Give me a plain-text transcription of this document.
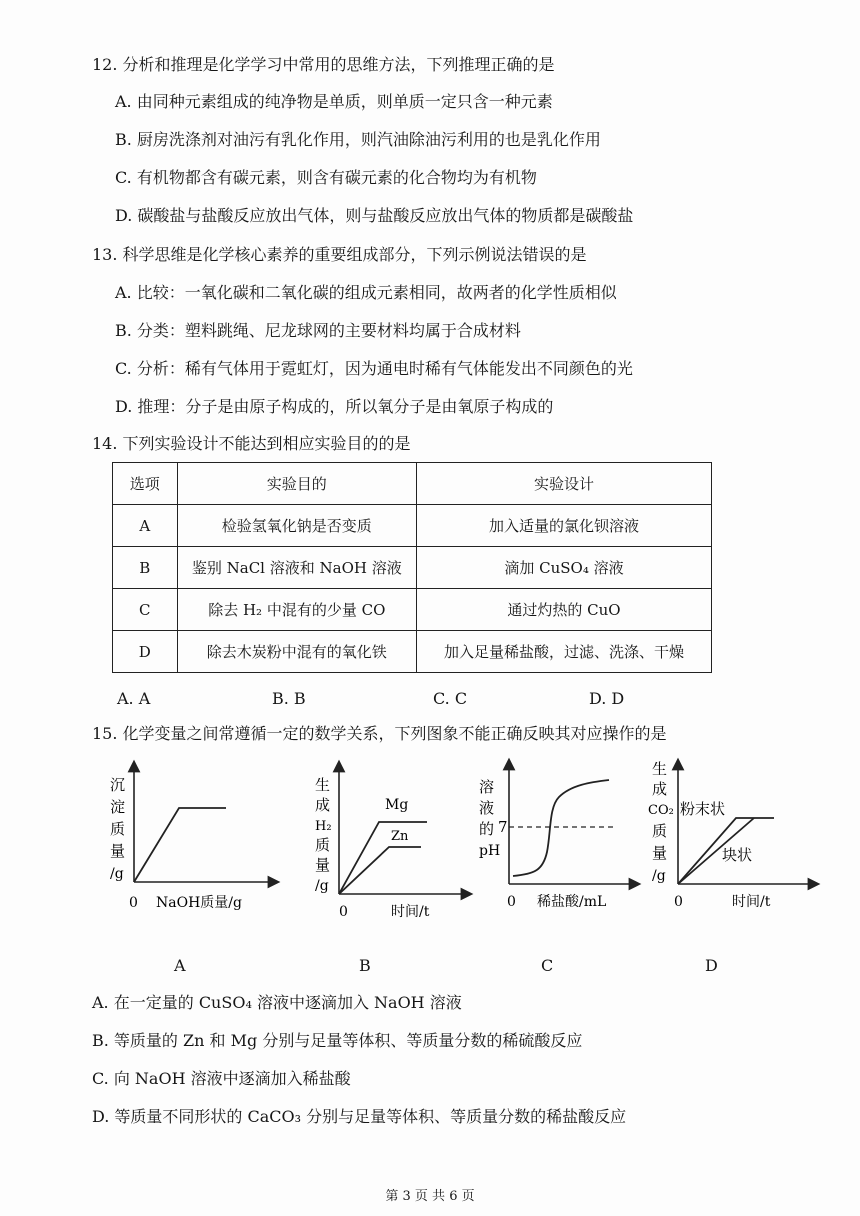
12. 分析和推理是化学学习中常用的思维方法，下列推理正确的是
A. 由同种元素组成的纯净物是单质，则单质一定只含一种元素
B. 厨房洗涤剂对油污有乳化作用，则汽油除油污利用的也是乳化作用
C. 有机物都含有碳元素，则含有碳元素的化合物均为有机物
D. 碳酸盐与盐酸反应放出气体，则与盐酸反应放出气体的物质都是碳酸盐
13. 科学思维是化学核心素养的重要组成部分，下列示例说法错误的是
A. 比较：一氧化碳和二氧化碳的组成元素相同，故两者的化学性质相似
B. 分类：塑料跳绳、尼龙球网的主要材料均属于合成材料
C. 分析：稀有气体用于霓虹灯，因为通电时稀有气体能发出不同颜色的光
D. 推理：分子是由原子构成的，所以氧分子是由氧原子构成的
14. 下列实验设计不能达到相应实验目的的是
选项	实验目的	实验设计
A	检验氢氧化钠是否变质	加入适量的氯化钡溶液
B	鉴别 NaCl 溶液和 NaOH 溶液	滴加 CuSO₄ 溶液
C	除去 H₂ 中混有的少量 CO	通过灼热的 CuO
D	除去木炭粉中混有的氧化铁	加入足量稀盐酸，过滤、洗涤、干燥
A. A	B. B	C. C	D. D
15. 化学变量之间常遵循一定的数学关系，下列图象不能正确反映其对应操作的是
沉
淀
质
量
/g
0 NaOH质量/g
Mg
Zn
生
成
H₂
质
量
/g
0	时间/t
溶
液
的
pH
7
0 稀盐酸/mL
粉末状
块状
生
成
CO₂
质
量
/g
0	时间/t
A	B	C	D
A. 在一定量的 CuSO₄ 溶液中逐滴加入 NaOH 溶液
B. 等质量的 Zn 和 Mg 分别与足量等体积、等质量分数的稀硫酸反应
C. 向 NaOH 溶液中逐滴加入稀盐酸
D. 等质量不同形状的 CaCO₃ 分别与足量等体积、等质量分数的稀盐酸反应
第 3 页 共 6 页
